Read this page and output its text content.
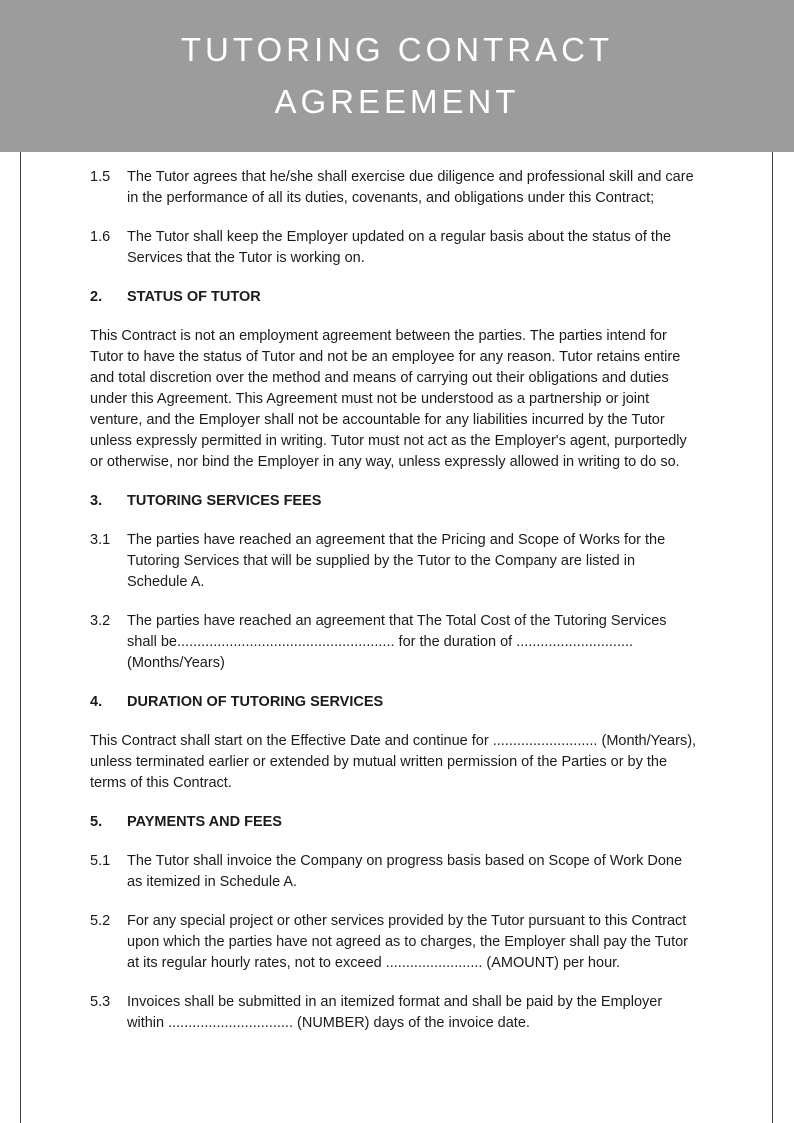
TUTORING CONTRACT
AGREEMENT
1.5	The Tutor agrees that he/she shall exercise due diligence and professional skill and care in the performance of all its duties, covenants, and obligations under this Contract;
1.6	The Tutor shall keep the Employer updated on a regular basis about the status of the Services that the Tutor is working on.
2.	STATUS OF TUTOR
This Contract is not an employment agreement between the parties. The parties intend for Tutor to have the status of Tutor and not be an employee for any reason. Tutor retains entire and total discretion over the method and means of carrying out their obligations and duties under this Agreement. This Agreement must not be understood as a partnership or joint venture, and the Employer shall not be accountable for any liabilities incurred by the Tutor unless expressly permitted in writing. Tutor must not act as the Employer's agent, purportedly or otherwise, nor bind the Employer in any way, unless expressly allowed in writing to do so.
3.	TUTORING SERVICES FEES
3.1	The parties have reached an agreement that the Pricing and Scope of Works for the Tutoring Services that will be supplied by the Tutor to the Company are listed in Schedule A.
3.2	The parties have reached an agreement that The Total Cost of the Tutoring Services shall be...................................................... for the duration of ............................. (Months/Years)
4.	DURATION OF TUTORING SERVICES
This Contract shall start on the Effective Date and continue for .......................... (Month/Years), unless terminated earlier or extended by mutual written permission of the Parties or by the terms of this Contract.
5.	PAYMENTS AND FEES
5.1	The Tutor shall invoice the Company on progress basis based on Scope of Work Done as itemized in Schedule A.
5.2	For any special project or other services provided by the Tutor pursuant to this Contract upon which the parties have not agreed as to charges, the Employer shall pay the Tutor at its regular hourly rates, not to exceed ........................ (AMOUNT) per hour.
5.3	Invoices shall be submitted in an itemized format and shall be paid by the Employer within ............................... (NUMBER) days of the invoice date.
